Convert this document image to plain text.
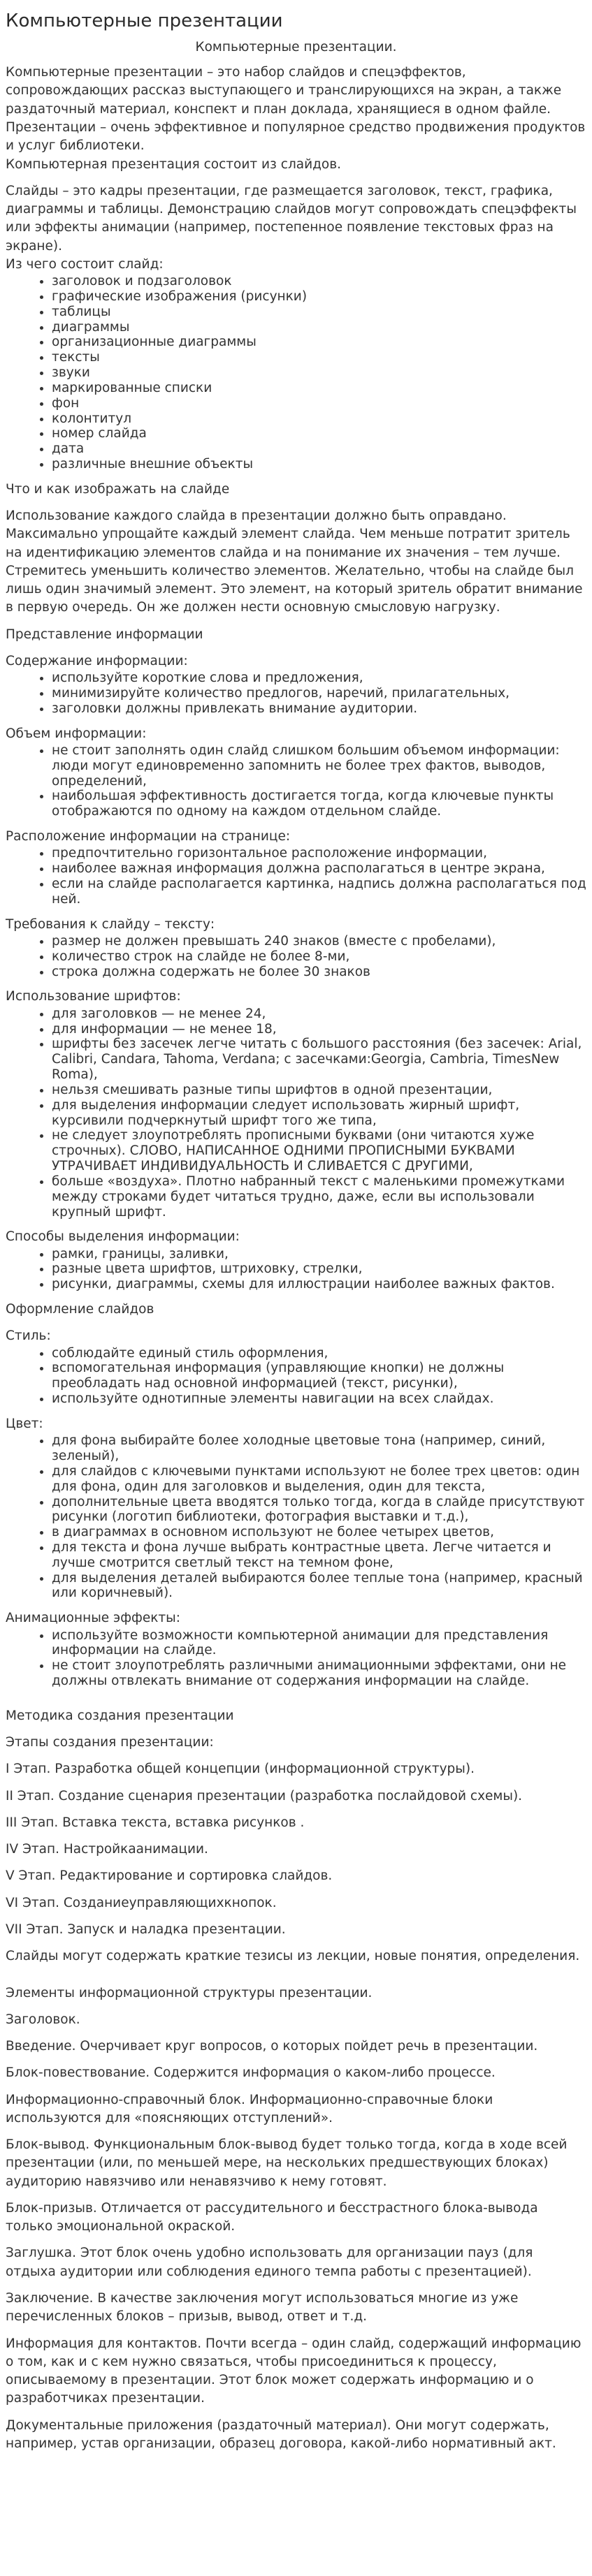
Компьютерные презентации
Компьютерные презентации.

Компьютерные презентации – это набор слайдов и спецэффектов, сопровождающих рассказ выступающего и транслирующихся на экран, а также раздаточный материал, конспект и план доклада, хранящиеся в одном файле. Презентации – очень эффективное и популярное средство продвижения продуктов и услуг библиотеки.

Компьютерная презентация состоит из слайдов.

Слайды – это кадры презентации, где размещается заголовок, текст, графика, диаграммы и таблицы. Демонстрацию слайдов могут сопровождать спецэффекты или эффекты анимации (например, постепенное появление текстовых фраз на экране).

Из чего состоит слайд:

• заголовок и подзаголовок
• графические изображения (рисунки)
• таблицы
• диаграммы
• организационные диаграммы
• тексты
• звуки
• маркированные списки
• фон
• колонтитул
• номер слайда
• дата
• различные внешние объекты

Что и как изображать на слайде

Использование каждого слайда в презентации должно быть оправдано. Максимально упрощайте каждый элемент слайда. Чем меньше потратит зритель на идентификацию элементов слайда и на понимание их значения – тем лучше. Стремитесь уменьшить количество элементов. Желательно, чтобы на слайде был лишь один значимый элемент. Это элемент, на который зритель обратит внимание в первую очередь. Он же должен нести основную смысловую нагрузку.

Представление информации

Содержание информации:

• используйте короткие слова и предложения,
• минимизируйте количество предлогов, наречий, прилагательных,
• заголовки должны привлекать внимание аудитории.

Объем информации:

• не стоит заполнять один слайд слишком большим объемом информации: люди могут единовременно запомнить не более трех фактов, выводов, определений,
• наибольшая эффективность достигается тогда, когда ключевые пункты отображаются по одному на каждом отдельном слайде.

Расположение информации на странице:

• предпочтительно горизонтальное расположение информации,
• наиболее важная информация должна располагаться в центре экрана,
• если на слайде располагается картинка, надпись должна располагаться под ней.

Требования к слайду – тексту:

• размер не должен превышать 240 знаков (вместе с пробелами),
• количество строк на слайде не более 8-ми,
• строка должна содержать не более 30 знаков

Использование шрифтов:

• для заголовков — не менее 24,
• для информации — не менее 18,
• шрифты без засечек легче читать с большого расстояния (без засечек: Arial, Calibri, Candara, Tahoma, Verdana; с засечками:Georgia, Cambria, TimesNew Roma),
• нельзя смешивать разные типы шрифтов в одной презентации,
• для выделения информации следует использовать жирный шрифт, курсивили подчеркнутый шрифт того же типа,
• не следует злоупотреблять прописными буквами (они читаются хуже строчных). СЛОВО, НАПИСАННОЕ ОДНИМИ ПРОПИСНЫМИ БУКВАМИ УТРАЧИВАЕТ ИНДИВИДУАЛЬНОСТЬ И СЛИВАЕТСЯ С ДРУГИМИ,
• больше «воздуха». Плотно набранный текст с маленькими промежутками между строками будет читаться трудно, даже, если вы использовали крупный шрифт.

Способы выделения информации:

• рамки, границы, заливки,
• разные цвета шрифтов, штриховку, стрелки,
• рисунки, диаграммы, схемы для иллюстрации наиболее важных фактов.

Оформление слайдов

Стиль:

• соблюдайте единый стиль оформления,
• вспомогательная информация (управляющие кнопки) не должны преобладать над основной информацией (текст, рисунки),
• используйте однотипные элементы навигации на всех слайдах.

Цвет:

• для фона выбирайте более холодные цветовые тона (например, синий, зеленый),
• для слайдов с ключевыми пунктами используют не более трех цветов: один для фона, один для заголовков и выделения, один для текста,
• дополнительные цвета вводятся только тогда, когда в слайде присутствуют рисунки (логотип библиотеки, фотография выставки и т.д.),
• в диаграммах в основном используют не более четырех цветов,
• для текста и фона лучше выбрать контрастные цвета. Легче читается и лучше смотрится светлый текст на темном фоне,
• для выделения деталей выбираются более теплые тона (например, красный или коричневый).

Анимационные эффекты:

• используйте возможности компьютерной анимации для представления информации на слайде.
• не стоит злоупотреблять различными анимационными эффектами, они не должны отвлекать внимание от содержания информации на слайде.

Методика создания презентации

Этапы создания презентации:

I Этап. Разработка общей концепции (информационной структуры).

II Этап. Создание сценария презентации (разработка послайдовой схемы).

III Этап. Вставка текста, вставка рисунков .

IV Этап. Настройкаанимации.

V Этап. Редактирование и сортировка слайдов.

VI Этап. Созданиеуправляющихкнопок.

VII Этап. Запуск и наладка презентации.

Слайды могут содержать краткие тезисы из лекции, новые понятия, определения.

Элементы информационной структуры презентации.

Заголовок.

Введение. Очерчивает круг вопросов, о которых пойдет речь в презентации.

Блок-повествование. Содержится информация о каком-либо процессе.

Информационно-справочный блок. Информационно-справочные блоки используются для «поясняющих отступлений».

Блок-вывод. Функциональным блок-вывод будет только тогда, когда в ходе всей презентации (или, по меньшей мере, на нескольких предшествующих блоках) аудиторию навязчиво или ненавязчиво к нему готовят.

Блок-призыв. Отличается от рассудительного и бесстрастного блока-вывода только эмоциональной окраской.

Заглушка. Этот блок очень удобно использовать для организации пауз (для отдыха аудитории или соблюдения единого темпа работы с презентацией).

Заключение. В качестве заключения могут использоваться многие из уже перечисленных блоков – призыв, вывод, ответ и т.д.

Информация для контактов. Почти всегда – один слайд, содержащий информацию о том, как и с кем нужно связаться, чтобы присоединиться к процессу, описываемому в презентации. Этот блок может содержать информацию и о разработчиках презентации.

Документальные приложения (раздаточный материал). Они могут содержать, например, устав организации, образец договора, какой-либо нормативный акт.
